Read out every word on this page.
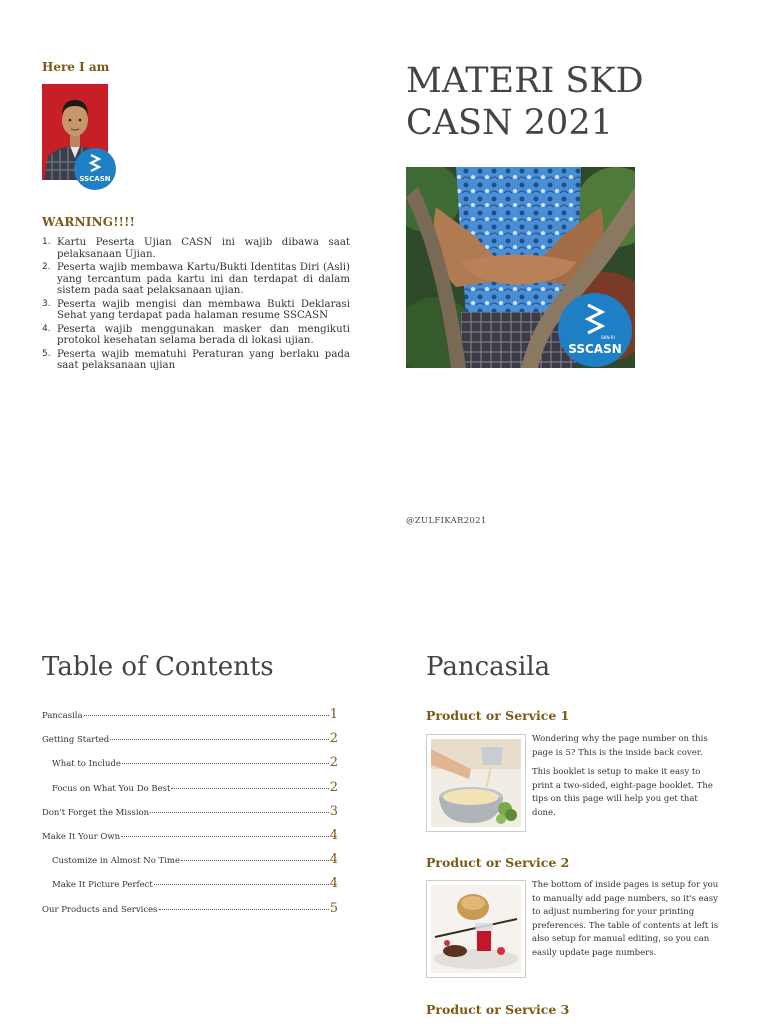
Here I am
SSCASN
WARNING!!!!
1. Kartu Peserta Ujian CASN ini wajib dibawa saat pelaksanaan Ujian.
2. Peserta wajib membawa Kartu/Bukti Identitas Diri (Asli) yang tercantum pada kartu ini dan terdapat di dalam sistem pada saat pelaksanaan ujian.
3. Peserta wajib mengisi dan membawa Bukti Deklarasi Sehat yang terdapat pada halaman resume SSCASN
4. Peserta wajib menggunakan masker dan mengikuti protokol kesehatan selama berada di lokasi ujian.
5. Peserta wajib mematuhi Peraturan yang berlaku pada saat pelaksanaan ujian
MATERI SKD
CASN 2021
SSCASN
BKN-RI
@ZULFIKAR2021
Table of Contents
Pancasila	1
Getting Started	2
What to Include	2
Focus on What You Do Best	2
Don't Forget the Mission	3
Make It Your Own	4
Customize in Almost No Time	4
Make It Picture Perfect	4
Our Products and Services	5
Pancasila
Product or Service 1

Wondering why the page number on this page is 5? This is the inside back cover.

This booklet is setup to make it easy to print a two-sided, eight-page booklet. The tips on this page will help you get that done.

Product or Service 2

The bottom of inside pages is setup for you to manually add page numbers, so it's easy to adjust numbering for your printing preferences. The table of contents at left is also setup for manual editing, so you can easily update page numbers.

Product or Service 3
